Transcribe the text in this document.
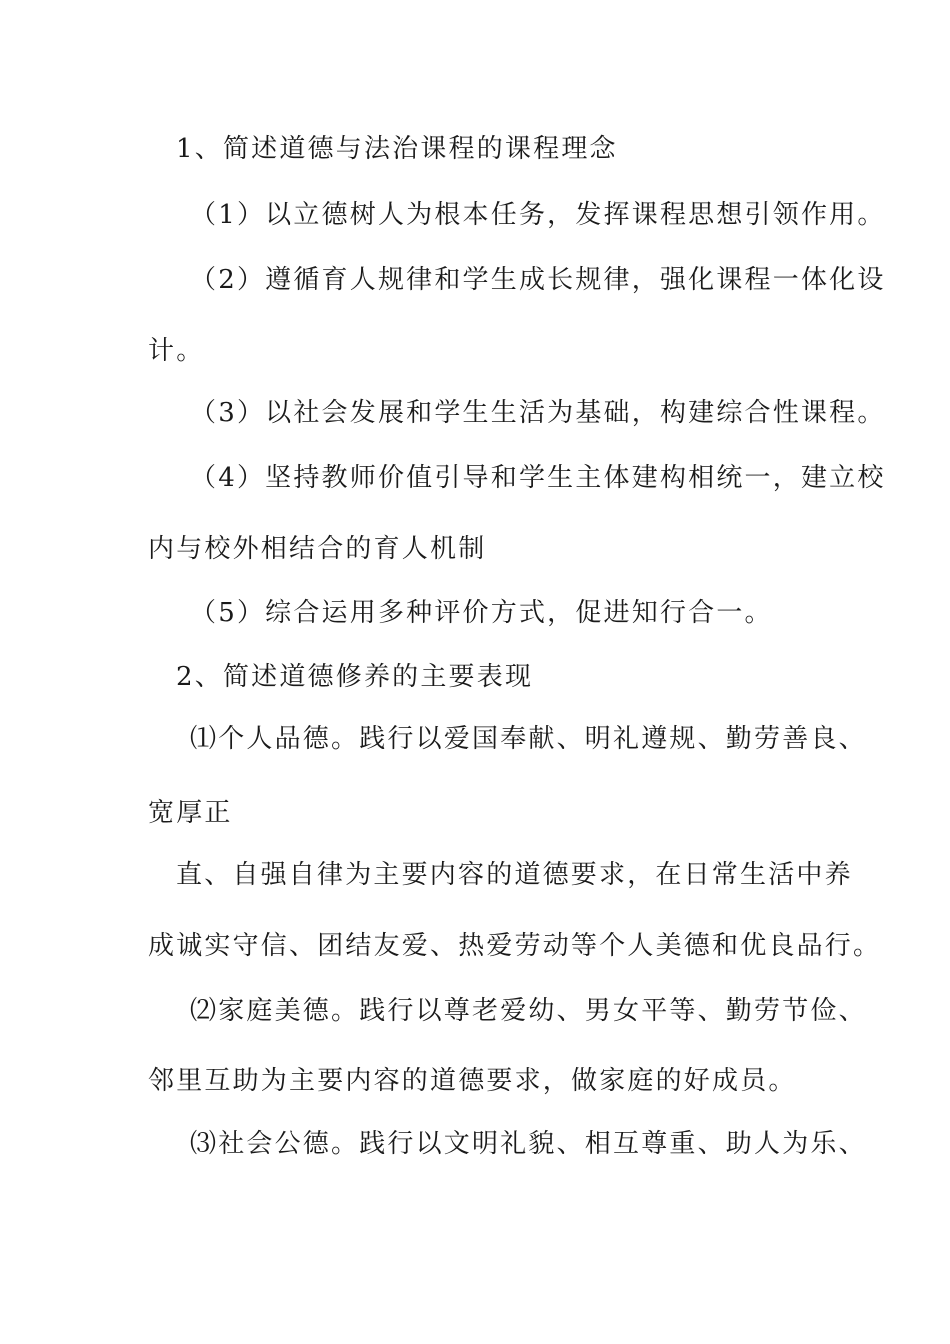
1、简述道德与法治课程的课程理念
（1）以立德树人为根本任务，发挥课程思想引领作用。
（2）遵循育人规律和学生成长规律，强化课程一体化设
计。
（3）以社会发展和学生生活为基础，构建综合性课程。
（4）坚持教师价值引导和学生主体建构相统一，建立校
内与校外相结合的育人机制
（5）综合运用多种评价方式，促进知行合一。
2、简述道德修养的主要表现
⑴个人品德。践行以爱国奉献、明礼遵规、勤劳善良、
宽厚正
直、自强自律为主要内容的道德要求，在日常生活中养
成诚实守信、团结友爱、热爱劳动等个人美德和优良品行。
⑵家庭美德。践行以尊老爱幼、男女平等、勤劳节俭、
邻里互助为主要内容的道德要求，做家庭的好成员。
⑶社会公德。践行以文明礼貌、相互尊重、助人为乐、
